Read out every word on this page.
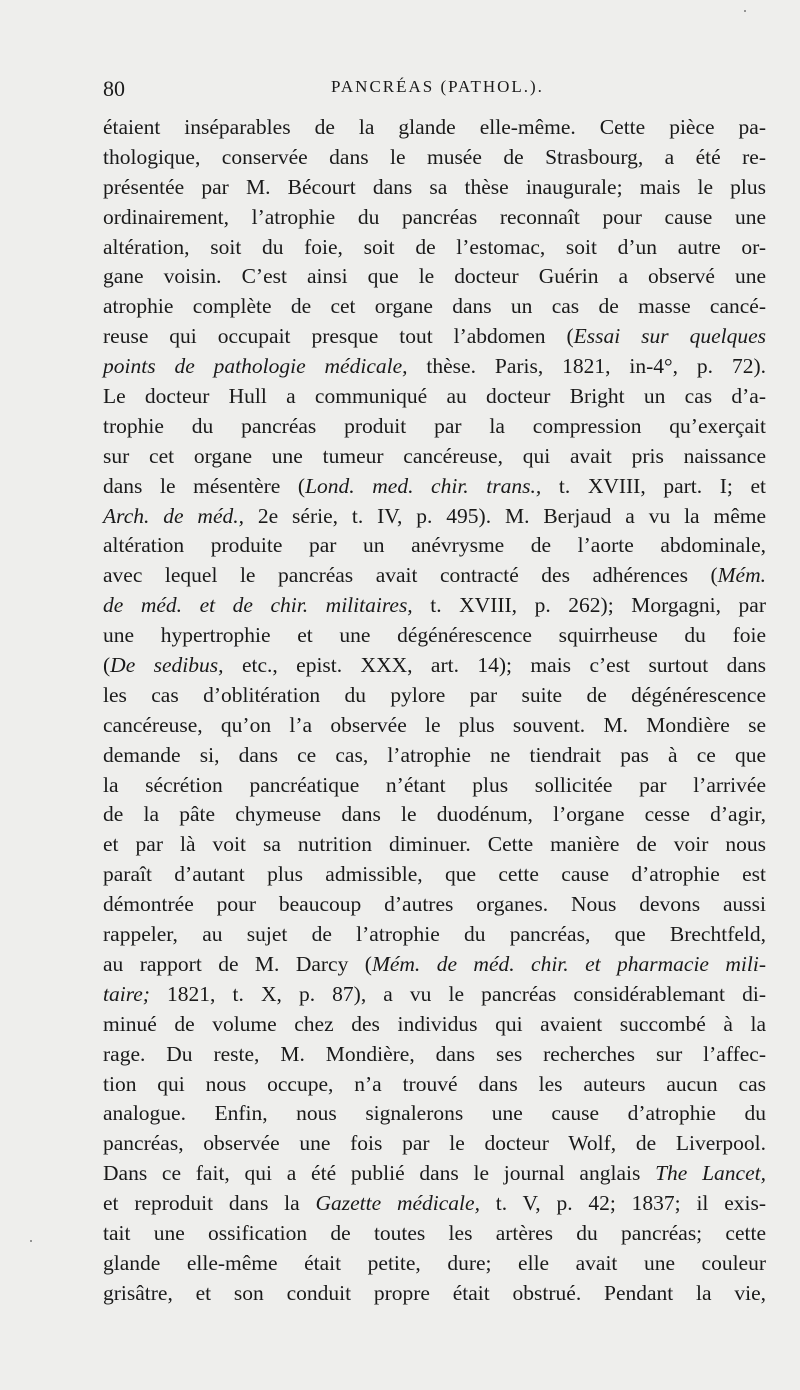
80	PANCRÉAS (PATHOL.).
étaient inséparables de la glande elle-même. Cette pièce pa-
thologique, conservée dans le musée de Strasbourg, a été re-
présentée par M. Bécourt dans sa thèse inaugurale; mais le plus
ordinairement, l’atrophie du pancréas reconnaît pour cause une
altération, soit du foie, soit de l’estomac, soit d’un autre or-
gane voisin. C’est ainsi que le docteur Guérin a observé une
atrophie complète de cet organe dans un cas de masse cancé-
reuse qui occupait presque tout l’abdomen (Essai sur quelques
points de pathologie médicale, thèse. Paris, 1821, in-4°, p. 72).
Le docteur Hull a communiqué au docteur Bright un cas d’a-
trophie du pancréas produit par la compression qu’exerçait
sur cet organe une tumeur cancéreuse, qui avait pris naissance
dans le mésentère (Lond. med. chir. trans., t. XVIII, part. I; et
Arch. de méd., 2e série, t. IV, p. 495). M. Berjaud a vu la même
altération produite par un anévrysme de l’aorte abdominale,
avec lequel le pancréas avait contracté des adhérences (Mém.
de méd. et de chir. militaires, t. XVIII, p. 262); Morgagni, par
une hypertrophie et une dégénérescence squirrheuse du foie
(De sedibus, etc., epist. XXX, art. 14); mais c’est surtout dans
les cas d’oblitération du pylore par suite de dégénérescence
cancéreuse, qu’on l’a observée le plus souvent. M. Mondière se
demande si, dans ce cas, l’atrophie ne tiendrait pas à ce que
la sécrétion pancréatique n’étant plus sollicitée par l’arrivée
de la pâte chymeuse dans le duodénum, l’organe cesse d’agir,
et par là voit sa nutrition diminuer. Cette manière de voir nous
paraît d’autant plus admissible, que cette cause d’atrophie est
démontrée pour beaucoup d’autres organes. Nous devons aussi
rappeler, au sujet de l’atrophie du pancréas, que Brechtfeld,
au rapport de M. Darcy (Mém. de méd. chir. et pharmacie mili-
taire; 1821, t. X, p. 87), a vu le pancréas considérablemant di-
minué de volume chez des individus qui avaient succombé à la
rage. Du reste, M. Mondière, dans ses recherches sur l’affec-
tion qui nous occupe, n’a trouvé dans les auteurs aucun cas
analogue. Enfin, nous signalerons une cause d’atrophie du
pancréas, observée une fois par le docteur Wolf, de Liverpool.
Dans ce fait, qui a été publié dans le journal anglais The Lancet,
et reproduit dans la Gazette médicale, t. V, p. 42; 1837; il exis-
tait une ossification de toutes les artères du pancréas; cette
glande elle-même était petite, dure; elle avait une couleur
grisâtre, et son conduit propre était obstrué. Pendant la vie,
